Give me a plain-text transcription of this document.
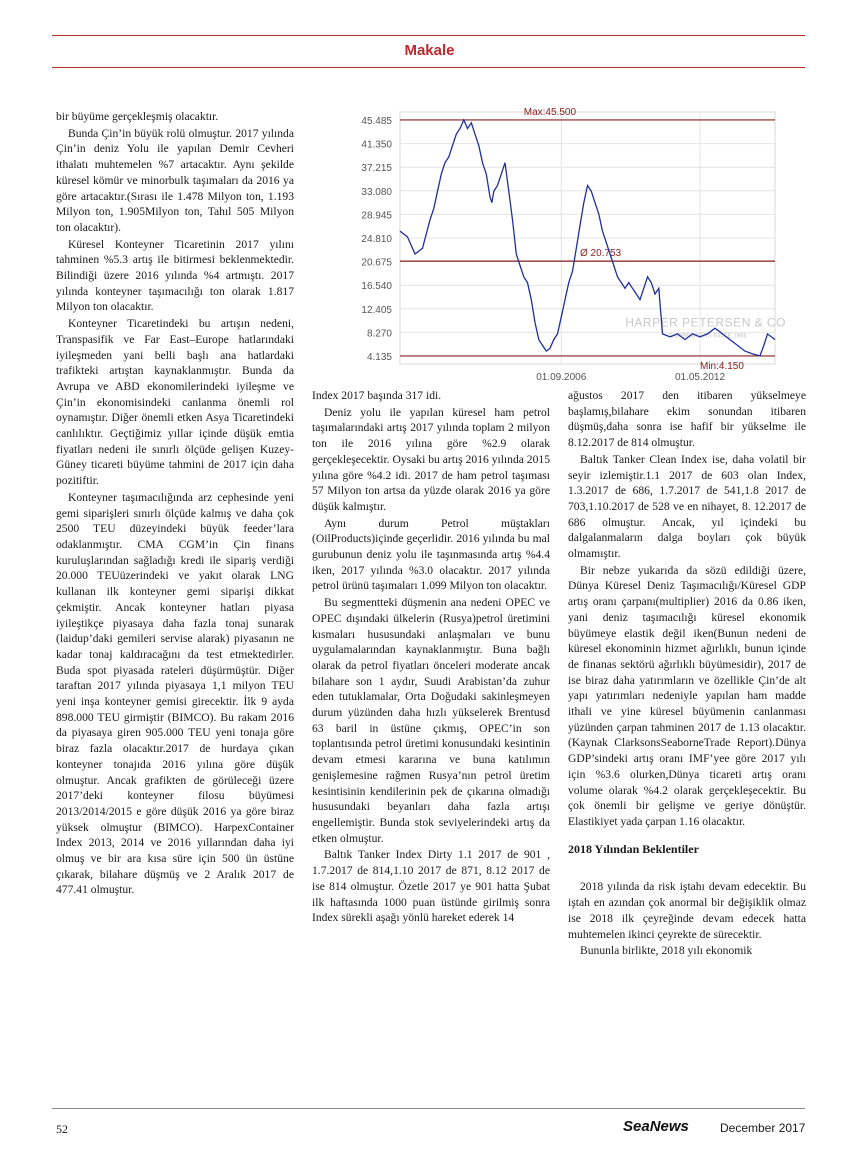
Makale

bir büyüme gerçekleşmiş olacaktır.

Bunda Çin’in büyük rolü olmuştur. 2017 yılında Çin’in deniz Yolu ile yapılan Demir Cevheri ithalatı muhtemelen %7 artacaktır. Aynı şekilde küresel kömür ve minorbulk taşımaları da 2016 ya göre artacaktır.(Sırası ile 1.478 Milyon ton, 1.193 Milyon ton, 1.905Milyon ton, Tahıl 505 Milyon ton olacaktır).

Küresel Konteyner Ticaretinin 2017 yılını tahminen %5.3 artış ile bitirmesi beklenmektedir. Bilindiği üzere 2016 yılında %4 artmıştı. 2017 yılında konteyner taşımacılığı ton olarak 1.817 Milyon ton olacaktır.

Konteyner Ticaretindeki bu artışın nedeni, Transpasifik ve Far East–Europe hatlarındaki iyileşmeden yani belli başlı ana hatlardaki trafikteki artıştan kaynaklanmıştır. Bunda da Avrupa ve ABD ekonomilerindeki iyileşme ve Çin’in ekonomisindeki canlanma önemli rol oynamıştır. Diğer önemli etken Asya Ticaretindeki canlılıktır. Geçtiğimiz yıllar içinde düşük emtia fiyatları nedeni ile sınırlı ölçüde gelişen Kuzey-Güney ticareti büyüme tahmini de 2017 için daha pozitiftir.

Konteyner taşımacılığında arz cephesinde yeni gemi siparişleri sınırlı ölçüde kalmış ve daha çok 2500 TEU düzeyindeki büyük feeder’lara odaklanmıştır. CMA CGM’in Çin finans kuruluşlarından sağladığı kredi ile sipariş verdiği 20.000 TEUüzerindeki ve yakıt olarak LNG kullanan ilk konteyner gemi siparişi dikkat çekmiştir. Ancak konteyner hatları piyasa iyileştikçe piyasaya daha fazla tonaj sunarak (laidup’daki gemileri servise alarak) piyasanın ne kadar tonaj kaldıracağını da test etmektedirler. Buda spot piyasada rateleri düşürmüştür. Diğer taraftan 2017 yılında piyasaya 1,1 milyon TEU yeni inşa konteyner gemisi girecektir. İlk 9 ayda 898.000 TEU girmiştir (BIMCO). Bu rakam 2016 da piyasaya giren 905.000 TEU yeni tonaja göre biraz fazla olacaktır.2017 de hurdaya çıkan konteyner tonajıda 2016 yılına göre düşük olmuştur. Ancak grafikten de görüleceği üzere 2017’deki konteyner filosu büyümesi 2013/2014/2015 e göre düşük 2016 ya göre biraz yüksek olmuştur (BIMCO). HarpexContainer Index 2013, 2014 ve 2016 yıllarından daha iyi olmuş ve bir ara kısa süre için 500 ün üstüne çıkarak, bilahare düşmüş ve 2 Aralık 2017 de 477.41 olmuştur.

45.485
41.350
37.215
33.080
28.945
24.810
20.675
16.540
12.405
8.270
4.135
01.09.2006	01.05.2012
Max:45.500
Ø 20.753
Min:4.150
HARPER PETERSEN & CO.
SHIPBROKERS SINCE 1866

Index 2017 başında 317 idi.

Deniz yolu ile yapılan küresel ham petrol taşımalarındaki artış 2017 yılında toplam 2 milyon ton ile 2016 yılına göre %2.9 olarak gerçekleşecektir. Oysaki bu artış 2016 yılında 2015 yılına göre %4.2 idi. 2017 de ham petrol taşıması 57 Milyon ton artsa da yüzde olarak 2016 ya göre düşük kalmıştır.

Aynı durum Petrol müştakları (OilProducts)içinde geçerlidir. 2016 yılında bu mal gurubunun deniz yolu ile taşınmasında artış %4.4 iken, 2017 yılında %3.0 olacaktır. 2017 yılında petrol ürünü taşımaları 1.099 Milyon ton olacaktır.

Bu segmentteki düşmenin ana nedeni OPEC ve OPEC dışındaki ülkelerin (Rusya)petrol üretimini kısmaları hususundaki anlaşmaları ve bunu uygulamalarından kaynaklanmıştır. Buna bağlı olarak da petrol fiyatları önceleri moderate ancak bilahare son 1 aydır, Suudi Arabistan’da zuhur eden tutuklamalar, Orta Doğudaki sakinleşmeyen durum yüzünden daha hızlı yükselerek Brentusd 63 baril in üstüne çıkmış, OPEC’in son toplantısında petrol üretimi konusundaki kesintinin devam etmesi kararına ve buna katılımın genişlemesine rağmen Rusya’nın petrol üretim kesintisinin kendilerinin pek de çıkarına olmadığı hususundaki beyanları daha fazla artışı engellemiştir. Bunda stok seviyelerindeki artış da etken olmuştur.

Baltık Tanker Index Dirty 1.1 2017 de 901 , 1.7.2017 de 814,1.10 2017 de 871, 8.12 2017 de ise 814 olmuştur. Özetle 2017 ye 901 hatta Şubat ilk haftasında 1000 puan üstünde girilmiş sonra Index sürekli aşağı yönlü hareket ederek 14

ağustos 2017 den itibaren yükselmeye başlamış,bilahare ekim sonundan itibaren düşmüş,daha sonra ise hafif bir yükselme ile 8.12.2017 de 814 olmuştur.

Baltık Tanker Clean Index ise, daha volatil bir seyir izlemiştir.1.1 2017 de 603 olan Index, 1.3.2017 de 686, 1.7.2017 de 541,1.8 2017 de 703,1.10.2017 de 528 ve en nihayet, 8. 12.2017 de 686 olmuştur. Ancak, yıl içindeki bu dalgalanmaların dalga boyları çok büyük olmamıştır.

Bir nebze yukarıda da sözü edildiği üzere, Dünya Küresel Deniz Taşımacılığı/Küresel GDP artış oranı çarpanı(multiplier) 2016 da 0.86 iken, yani deniz taşımacılığı küresel ekonomik büyümeye elastik değil iken(Bunun nedeni de küresel ekonominin hizmet ağırlıklı, bunun içinde de finanas sektörü ağırlıklı büyümesidir), 2017 de ise biraz daha yatırımların ve özellikle Çin’de alt yapı yatırımları nedeniyle yapılan ham madde ithali ve yine küresel büyümenin canlanması yüzünden çarpan tahminen 2017 de 1.13 olacaktır. (Kaynak ClarksonsSeaborneTrade Report).Dünya GDP’sindeki artış oranı IMF’yee göre 2017 yılı için %3.6 olurken,Dünya ticareti artış oranı volume olarak %4.2 olarak gerçekleşecektir. Bu çok önemli bir gelişme ve geriye dönüştür. Elastikiyet yada çarpan 1.16 olacaktır.

2018 Yılından Beklentiler

2018 yılında da risk iştahı devam edecektir. Bu iştah en azından çok anormal bir değişiklik olmaz ise 2018 ilk çeyreğinde devam edecek hatta muhtemelen ikinci çeyrekte de sürecektir.

Bununla birlikte, 2018 yılı ekonomik

52	SeaNews	December 2017
